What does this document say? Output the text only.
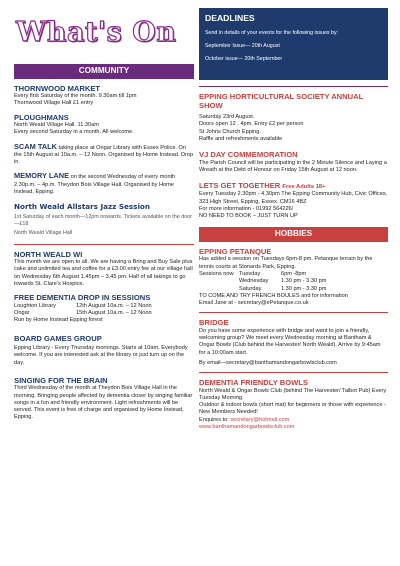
What's On
COMMUNITY
THORNWOOD MARKET
Every first Saturday of the month. 9.30am till 1pm
Thornwood Village Hall £1 entry
PLOUGHMANS
North Weald Village Hall. 11.30am
Every second Saturday in a month. All welcome.
SCAM TALK taking place at Ongar Library with Essex Police. On the 15th August at 10a.m. – 12 Noon. Organised by Home Instead. Drop in.
MEMORY LANE on the second Wednesday of every month 2.30p.m. – 4p.m. Theydon Bois Village Hall. Organised by Home Instead, Epping.
North Weald Allstars Jazz Session
1st Saturday of each month—12pm onwards. Tickets available on the door—£18
North Weald Village Hall
NORTH WEALD WI
This month we are open to all. We are having a Bring and Buy Sale plus cake and unlimited tea and coffee for a £3.00 entry fee at our village hall on Wednesday 6th August 1.45pm – 3.45 pm. Half of all takings to go towards St. Clare's Hospice.
FREE DEMENTIA DROP IN SESSIONS
Loughton Library	12th August 10a.m. – 12 Noon
Ongar	15th August 10a.m. – 12 Noon
Run by Home Instead Epping forest
BOARD GAMES GROUP
Epping Library - Every Thursday mornings. Starts at 10am. Everybody welcome. If you are interested ask at the library or just turn up on the day.
SINGING FOR THE BRAIN
Third Wednesday of the month at Theydon Bois Village Hall in the morning. Bringing people affected by dementia closer by singing familiar songs in a fun and friendly environment. Light refreshments will be served. This event is free of charge and organised by Home Instead, Epping.
DEADLINES
Send in details of your events for the following issues by:
September Issue— 20th August
October issue— 20th September
EPPING HORTICULTURAL SOCIETY ANNUAL SHOW
Saturday 23rd August.
Doors open 12 . 4pm. Entry £2 per person
St Johns Church Epping.
Raffle and refreshments available
VJ DAY COMMEMORATION
The Parish Council will be participating in the 2 Minute Silence and Laying a Wreath at the Debt of Honour on Friday 15th August at 12 noon.
LETS GET TOGETHER Free Adults 18+
Every Tuesday 2.30pm - 4.30pm The Epping Community Hub, Civic Offices,
323 High Street, Epping, Essex. CM16 4BZ
For more information - 01992 564226/
NO NEED TO BOOK – JUST TURN UP
HOBBIES
EPPING PETANQUE
Has added a session on Tuesdays 6pm-8 pm. Petanque terrain by the tennis courts at Stonards Park, Epping.
Sessions now	Tuesday	6pm -8pm
	Wednesday	1.30 pm - 3.30 pm
	Saturday	1.30 pm - 3.30 pm
TO COME AND TRY FRENCH BOULES and for information
Email Jane at - secretary@ePetanque.co.uk
BRIDGE
Do you have some experience with bridge and want to join a friendly, welcoming group? We meet every Wednesday morning at Bantham & Ongar Bowls (Club behind the Harvester/ North Weald). Arrive by 9:45am for a 10:00am start.
By email—secretary@banthamandongarbowlsclub.com
DEMENTIA FRIENDLY BOWLS
North Weald & Ongar Bowls Club (behind The Harvester/ Talbot Pub) Every Tuesday Morning.
Outdoor & indoor bowls (short mat) for beginners or those with experience - New Members Needed!
Enquires to: secretary@hotmail.com
www.banthamandongarbowlsclub.com
